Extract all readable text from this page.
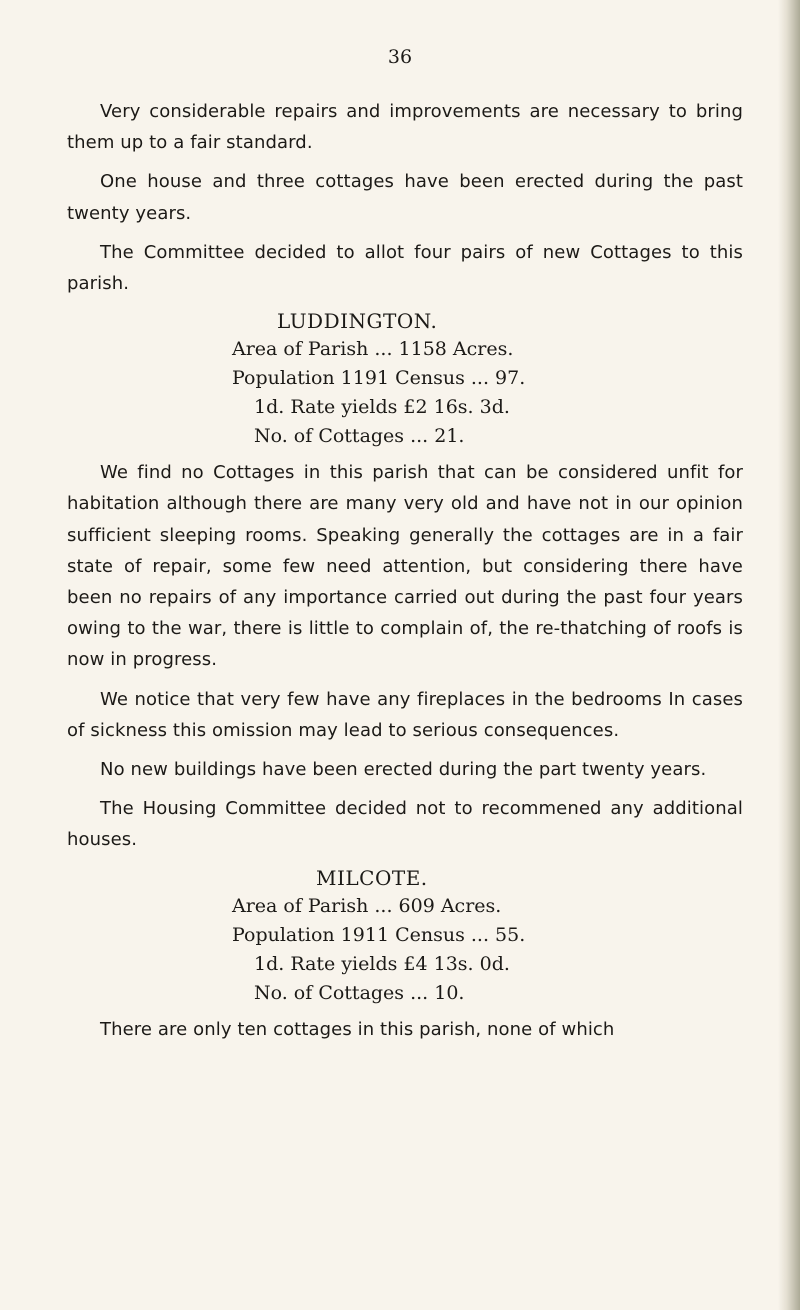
36

Very considerable repairs and improvements are necessary to bring them up to a fair standard.

One house and three cottages have been erected during the past twenty years.

The Committee decided to allot four pairs of new Cottages to this parish.

LUDDINGTON.

Area of Parish ... 1158 Acres.
Population 1191 Census ... 97.
1d. Rate yields £2 16s. 3d.
No. of Cottages ... 21.

We find no Cottages in this parish that can be considered unfit for habitation although there are many very old and have not in our opinion sufficient sleeping rooms. Speaking generally the cottages are in a fair state of repair, some few need attention, but considering there have been no repairs of any importance carried out during the past four years owing to the war, there is little to complain of, the re-thatching of roofs is now in progress.

We notice that very few have any fireplaces in the bedrooms In cases of sickness this omission may lead to serious consequences.

No new buildings have been erected during the part twenty years.

The Housing Committee decided not to recommened any additional houses.

MILCOTE.

Area of Parish ... 609 Acres.
Population 1911 Census ... 55.
1d. Rate yields £4 13s. 0d.
No. of Cottages ... 10.

There are only ten cottages in this parish, none of which
